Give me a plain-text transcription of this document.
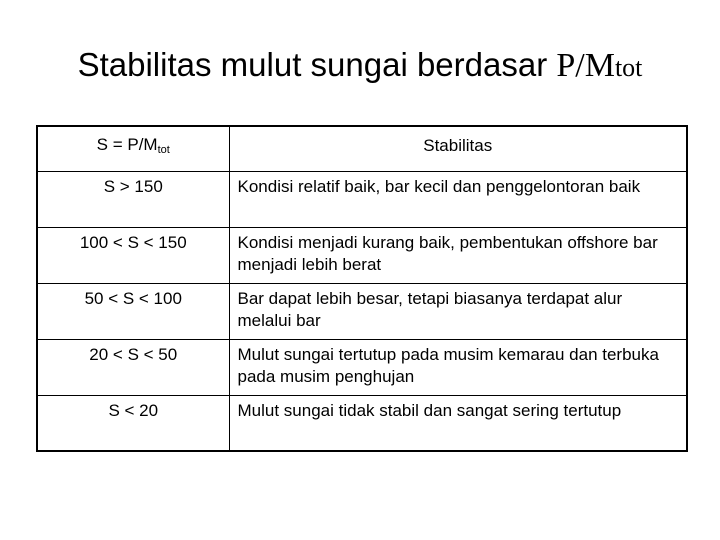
Stabilitas mulut sungai berdasar P/Mtot
$S = P/M_{tot}$	Stabilitas
S > 150	Kondisi relatif baik, bar kecil dan penggelontoran baik
100 < S < 150	Kondisi menjadi kurang baik, pembentukan offshore bar menjadi lebih berat
50 < S < 100	Bar dapat lebih besar, tetapi biasanya terdapat alur melalui bar
20 < S < 50	Mulut sungai tertutup pada musim kemarau dan terbuka pada musim penghujan
S < 20	Mulut sungai tidak stabil dan sangat sering tertutup
